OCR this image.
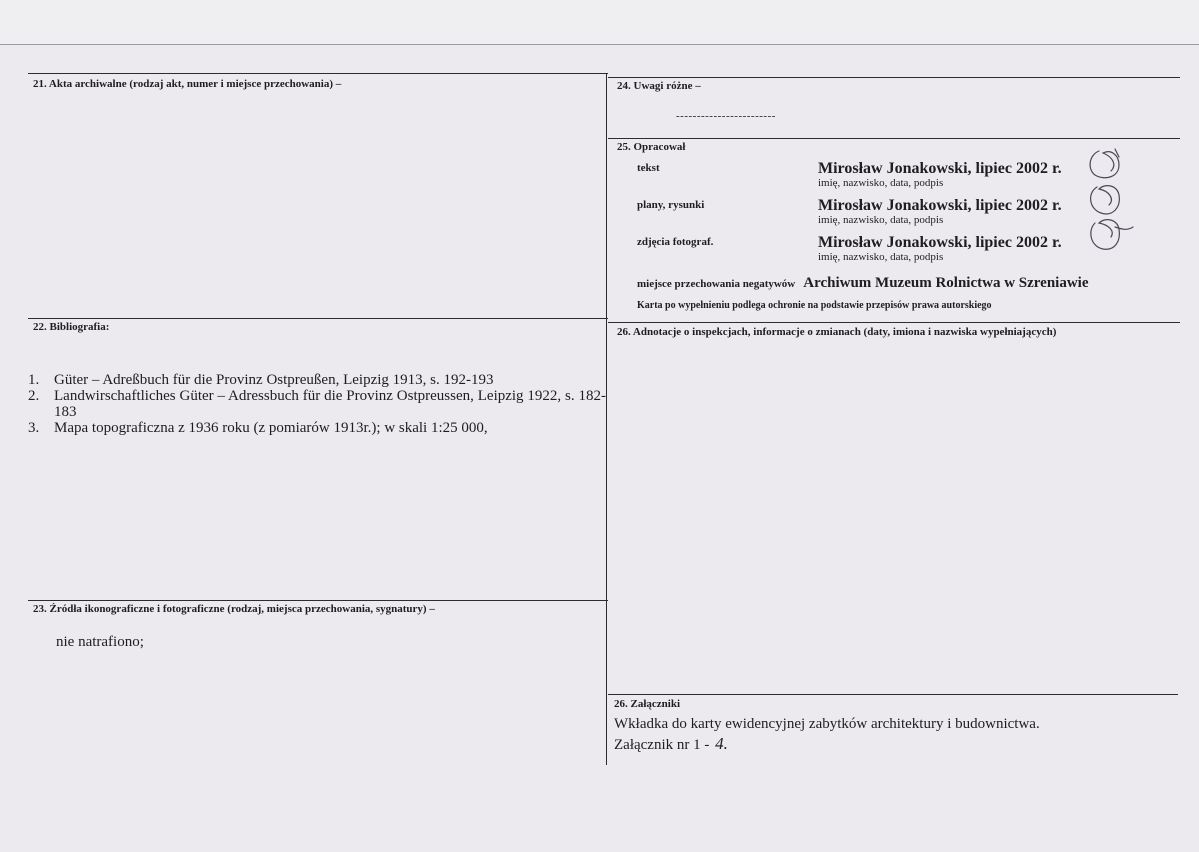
21. Akta archiwalne (rodzaj akt, numer i miejsce przechowania) –
22. Bibliografia:
1. Güter – Adreßbuch für die Provinz Ostpreußen, Leipzig 1913, s. 192-193
2. Landwirschaftliches Güter – Adressbuch für die Provinz Ostpreussen, Leipzig 1922, s. 182-183
3. Mapa topograficzna z 1936 roku (z pomiarów 1913r.); w skali 1:25 000,
23. Źródła ikonograficzne i fotograficzne (rodzaj, miejsca przechowania, sygnatury) –
nie natrafiono;
24. Uwagi różne –
------------------------
25. Opracował
tekst	Mirosław Jonakowski, lipiec 2002 r.
imię, nazwisko, data, podpis
plany, rysunki	Mirosław Jonakowski, lipiec 2002 r.
imię, nazwisko, data, podpis
zdjęcia fotograf.	Mirosław Jonakowski, lipiec 2002 r.
imię, nazwisko, data, podpis
miejsce przechowania negatywów Archiwum Muzeum Rolnictwa w Szreniawie
Karta po wypełnieniu podlega ochronie na podstawie przepisów prawa autorskiego
26. Adnotacje o inspekcjach, informacje o zmianach (daty, imiona i nazwiska wypełniających)
26. Załączniki
Wkładka do karty ewidencyjnej zabytków architektury i budownictwa.
Załącznik nr 1 - 4.
